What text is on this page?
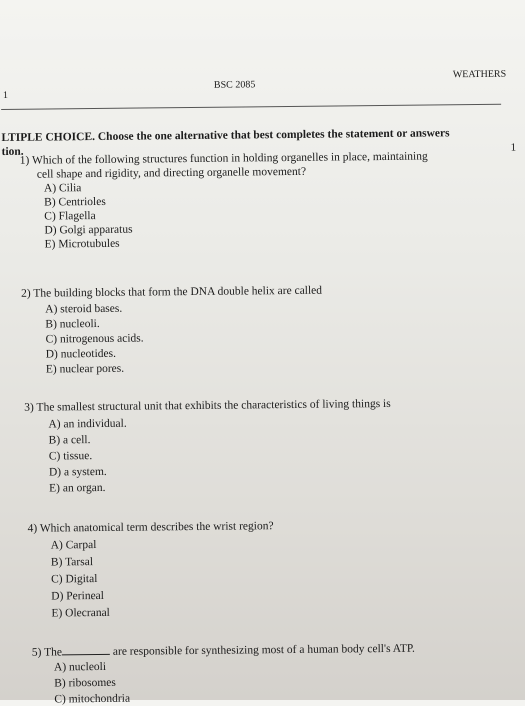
1
BSC 2085
WEATHERS
LTIPLE CHOICE. Choose the one alternative that best completes the statement or answers
tion.	1
1) Which of the following structures function in holding organelles in place, maintaining
cell shape and rigidity, and directing organelle movement?
A) Cilia
B) Centrioles
C) Flagella
D) Golgi apparatus
E) Microtubules
2) The building blocks that form the DNA double helix are called
A) steroid bases.
B) nucleoli.
C) nitrogenous acids.
D) nucleotides.
E) nuclear pores.
3) The smallest structural unit that exhibits the characteristics of living things is
A) an individual.
B) a cell.
C) tissue.
D) a system.
E) an organ.
4) Which anatomical term describes the wrist region?
A) Carpal
B) Tarsal
C) Digital
D) Perineal
E) Olecranal
5) The	are responsible for synthesizing most of a human body cell's ATP.
A) nucleoli
B) ribosomes
C) mitochondria
